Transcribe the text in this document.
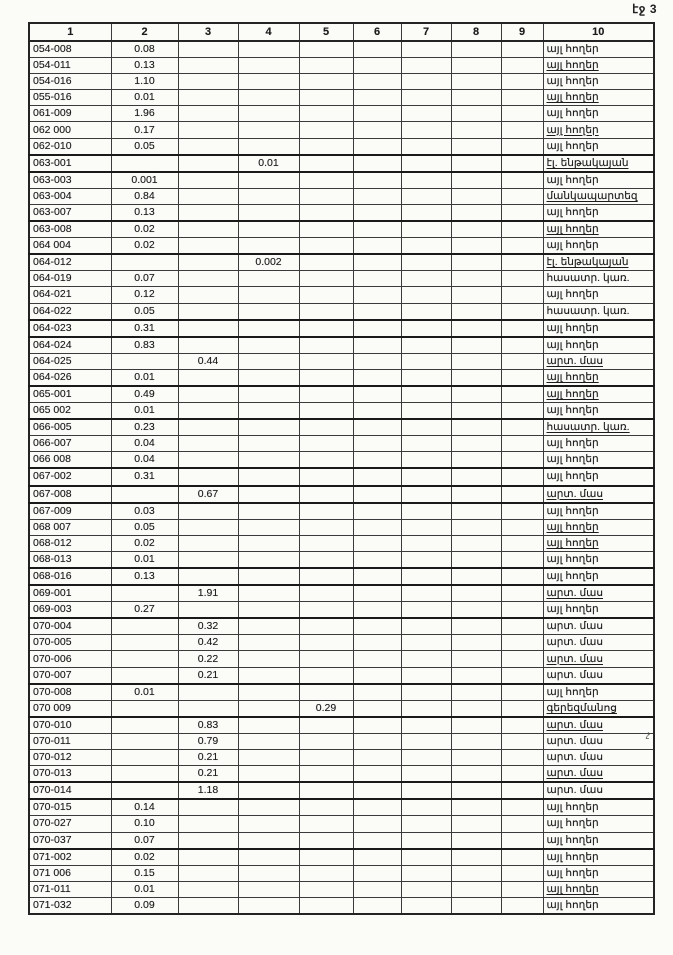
էջ 3
1	2	3	4	5	6	7	8	9	10
054-008	0.08								այլ հողեր
054-011	0.13								այլ հողեր
054-016	1.10								այլ հողեր
055-016	0.01								այլ հողեր
061-009	1.96								այլ հողեր
062 000	0.17								այլ հողեր
062-010	0.05								այլ հողեր
063-001			0.01						էլ. ենթակայան
063-003	0.001								այլ հողեր
063-004	0.84								մանկապարտեզ
063-007	0.13								այլ հողեր
063-008	0.02								այլ հողեր
064 004	0.02								այլ հողեր
064-012			0.002						էլ. ենթակայան
064-019	0.07								հասատր. կառ.
064-021	0.12								այլ հողեր
064-022	0.05								հասատր. կառ.
064-023	0.31								այլ հողեր
064-024	0.83								այլ հողեր
064-025		0.44							արտ. մաս
064-026	0.01								այլ հողեր
065-001	0.49								այլ հողեր
065 002	0.01								այլ հողեր
066-005	0.23								հասատր. կառ.
066-007	0.04								այլ հողեր
066 008	0.04								այլ հողեր
067-002	0.31								այլ հողեր
067-008		0.67							արտ. մաս
067-009	0.03								այլ հողեր
068 007	0.05								այլ հողեր
068-012	0.02								այլ հողեր
068-013	0.01								այլ հողեր
068-016	0.13								այլ հողեր
069-001		1.91							արտ. մաս
069-003	0.27								այլ հողեր
070-004		0.32							արտ. մաս
070-005		0.42							արտ. մաս
070-006		0.22							արտ. մաս
070-007		0.21							արտ. մաս
070-008	0.01								այլ հողեր
070 009				0.29					գերեզմանոց
070-010		0.83							արտ. մաս
070-011		0.79							արտ. մաս
070-012		0.21							արտ. մաս
070-013		0.21							արտ. մաս
070-014		1.18							արտ. մաս
070-015	0.14								այլ հողեր
070-027	0.10								այլ հողեր
070-037	0.07								այլ հողեր
071-002	0.02								այլ հողեր
071 006	0.15								այլ հողեր
071-011	0.01								այլ հողեր
071-032	0.09								այլ հողեր
չ
